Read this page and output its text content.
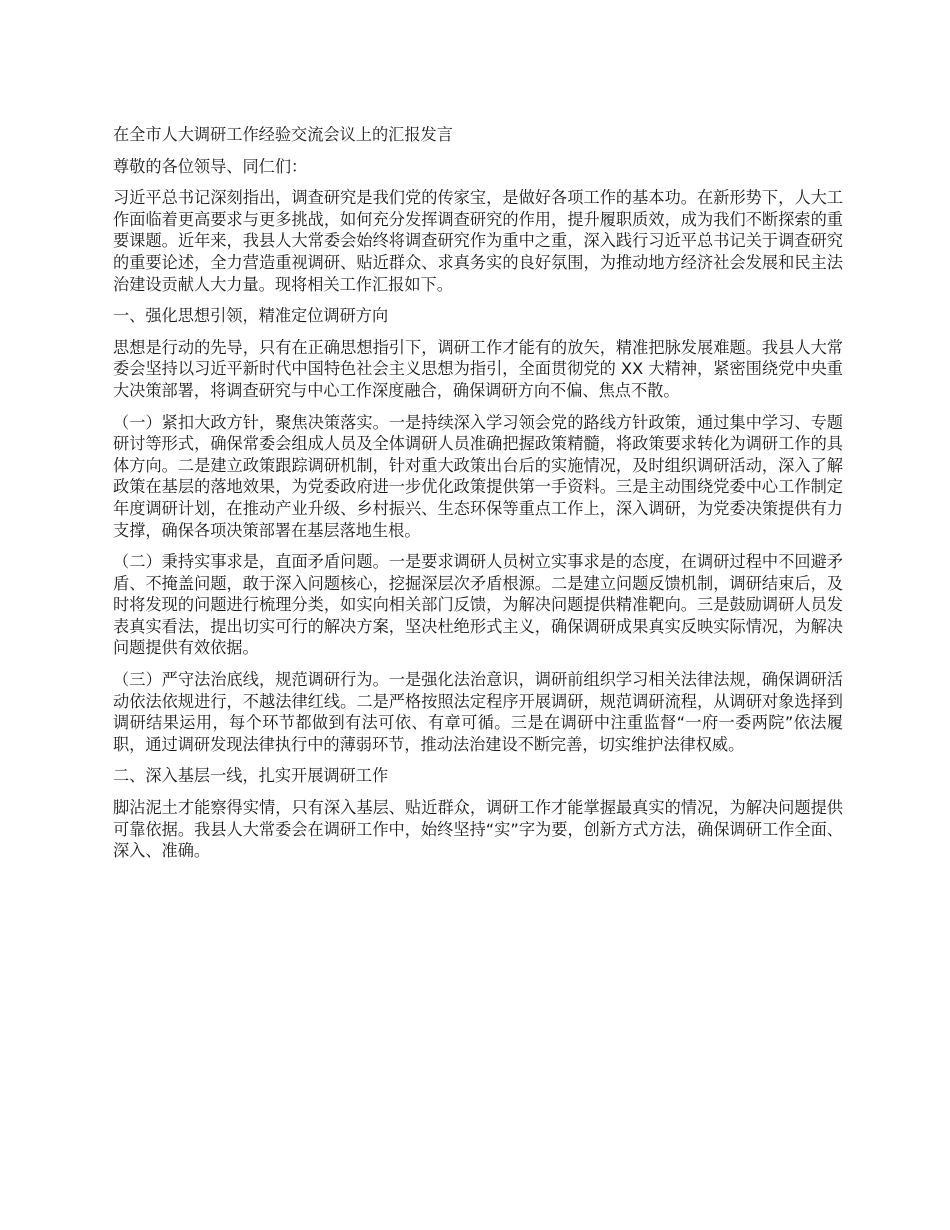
在全市人大调研工作经验交流会议上的汇报发言

尊敬的各位领导、同仁们：

习近平总书记深刻指出，调查研究是我们党的传家宝，是做好各项工作的基本功。在新形势下，人大工作面临着更高要求与更多挑战，如何充分发挥调查研究的作用，提升履职质效，成为我们不断探索的重要课题。近年来，我县人大常委会始终将调查研究作为重中之重，深入践行习近平总书记关于调查研究的重要论述，全力营造重视调研、贴近群众、求真务实的良好氛围，为推动地方经济社会发展和民主法治建设贡献人大力量。现将相关工作汇报如下。

一、强化思想引领，精准定位调研方向

思想是行动的先导，只有在正确思想指引下，调研工作才能有的放矢，精准把脉发展难题。我县人大常委会坚持以习近平新时代中国特色社会主义思想为指引，全面贯彻党的 XX 大精神，紧密围绕党中央重大决策部署，将调查研究与中心工作深度融合，确保调研方向不偏、焦点不散。

（一）紧扣大政方针，聚焦决策落实。一是持续深入学习领会党的路线方针政策，通过集中学习、专题研讨等形式，确保常委会组成人员及全体调研人员准确把握政策精髓，将政策要求转化为调研工作的具体方向。二是建立政策跟踪调研机制，针对重大政策出台后的实施情况，及时组织调研活动，深入了解政策在基层的落地效果，为党委政府进一步优化政策提供第一手资料。三是主动围绕党委中心工作制定年度调研计划，在推动产业升级、乡村振兴、生态环保等重点工作上，深入调研，为党委决策提供有力支撑，确保各项决策部署在基层落地生根。

（二）秉持实事求是，直面矛盾问题。一是要求调研人员树立实事求是的态度，在调研过程中不回避矛盾、不掩盖问题，敢于深入问题核心，挖掘深层次矛盾根源。二是建立问题反馈机制，调研结束后，及时将发现的问题进行梳理分类，如实向相关部门反馈，为解决问题提供精准靶向。三是鼓励调研人员发表真实看法，提出切实可行的解决方案，坚决杜绝形式主义，确保调研成果真实反映实际情况，为解决问题提供有效依据。

（三）严守法治底线，规范调研行为。一是强化法治意识，调研前组织学习相关法律法规，确保调研活动依法依规进行，不越法律红线。二是严格按照法定程序开展调研，规范调研流程，从调研对象选择到调研结果运用，每个环节都做到有法可依、有章可循。三是在调研中注重监督“一府一委两院”依法履职，通过调研发现法律执行中的薄弱环节，推动法治建设不断完善，切实维护法律权威。

二、深入基层一线，扎实开展调研工作

脚沾泥土才能察得实情，只有深入基层、贴近群众，调研工作才能掌握最真实的情况，为解决问题提供可靠依据。我县人大常委会在调研工作中，始终坚持“实”字为要，创新方式方法，确保调研工作全面、深入、准确。
